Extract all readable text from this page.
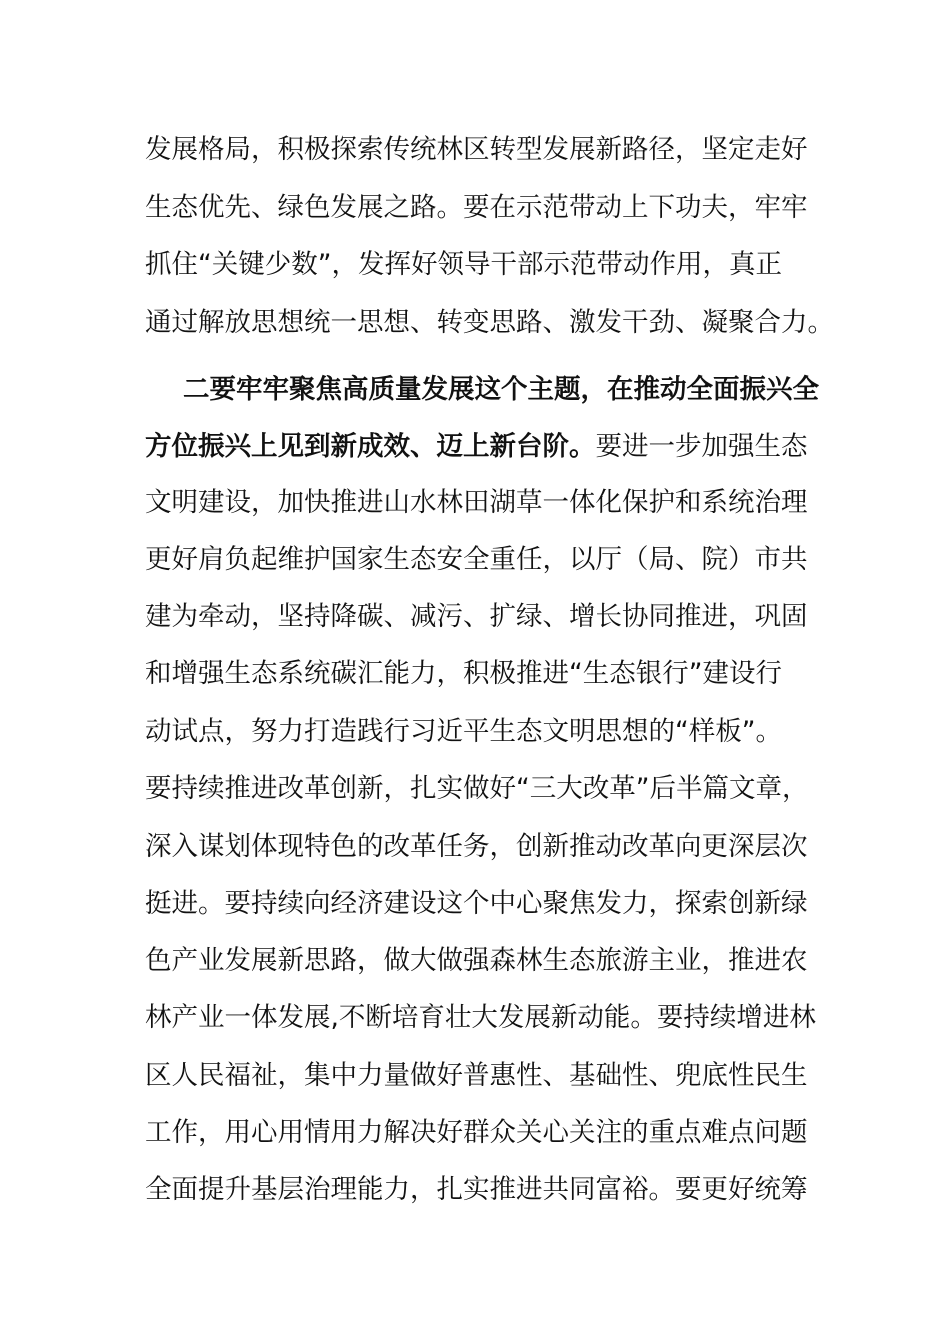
发展格局，积极探索传统林区转型发展新路径，坚定走好
生态优先、绿色发展之路。要在示范带动上下功夫，牢牢
抓住“关键少数”，发挥好领导干部示范带动作用，真正
通过解放思想统一思想、转变思路、激发干劲、凝聚合力。
二要牢牢聚焦高质量发展这个主题，在推动全面振兴全
方位振兴上见到新成效、迈上新台阶。要进一步加强生态
文明建设，加快推进山水林田湖草一体化保护和系统治理
更好肩负起维护国家生态安全重任，以厅（局、院）市共
建为牵动，坚持降碳、减污、扩绿、增长协同推进，巩固
和增强生态系统碳汇能力，积极推进“生态银行”建设行
动试点，努力打造践行习近平生态文明思想的“样板”。
要持续推进改革创新，扎实做好“三大改革”后半篇文章，
深入谋划体现特色的改革任务，创新推动改革向更深层次
挺进。要持续向经济建设这个中心聚焦发力，探索创新绿
色产业发展新思路，做大做强森林生态旅游主业，推进农
林产业一体发展,不断培育壮大发展新动能。要持续增进林
区人民福祉，集中力量做好普惠性、基础性、兜底性民生
工作，用心用情用力解决好群众关心关注的重点难点问题
全面提升基层治理能力，扎实推进共同富裕。要更好统筹
